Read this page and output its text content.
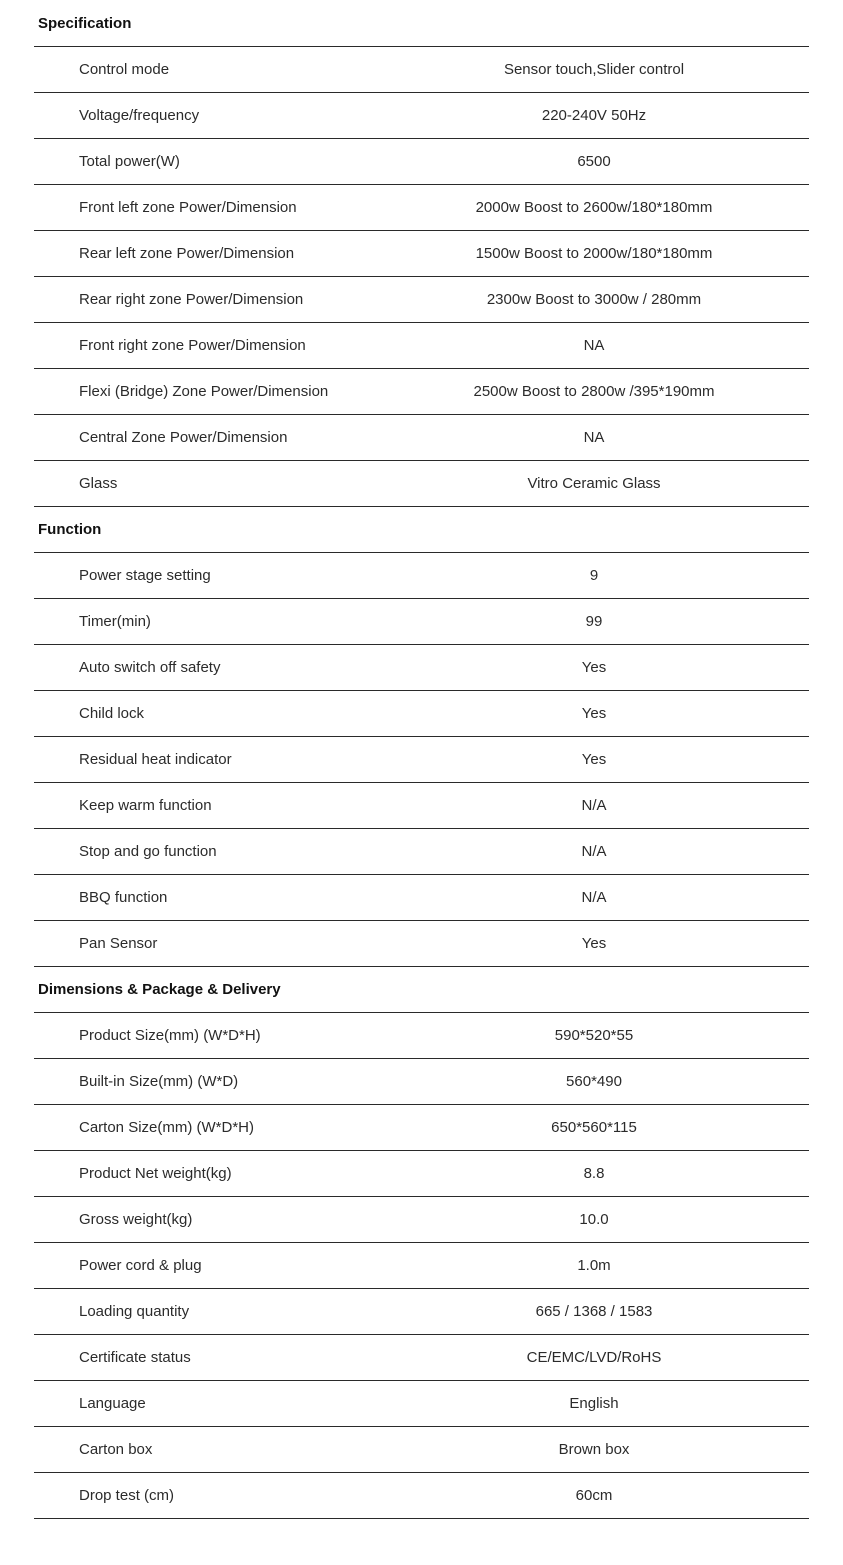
Specification
Control mode	Sensor touch,Slider control
Voltage/frequency	220-240V 50Hz
Total power(W)	6500
Front left zone Power/Dimension	2000w Boost to 2600w/180*180mm
Rear left zone Power/Dimension	1500w Boost to 2000w/180*180mm
Rear right zone Power/Dimension	2300w Boost to 3000w / 280mm
Front right zone Power/Dimension	NA
Flexi (Bridge) Zone Power/Dimension	2500w Boost to 2800w /395*190mm
Central Zone Power/Dimension	NA
Glass	Vitro Ceramic Glass
Function
Power stage setting	9
Timer(min)	99
Auto switch off safety	Yes
Child lock	Yes
Residual heat indicator	Yes
Keep warm function	N/A
Stop and go function	N/A
BBQ function	N/A
Pan Sensor	Yes
Dimensions & Package & Delivery
Product Size(mm) (W*D*H)	590*520*55
Built-in Size(mm) (W*D)	560*490
Carton Size(mm) (W*D*H)	650*560*115
Product Net weight(kg)	8.8
Gross weight(kg)	10.0
Power cord & plug	1.0m
Loading quantity	665 / 1368 / 1583
Certificate status	CE/EMC/LVD/RoHS
Language	English
Carton box	Brown box
Drop test (cm)	60cm
